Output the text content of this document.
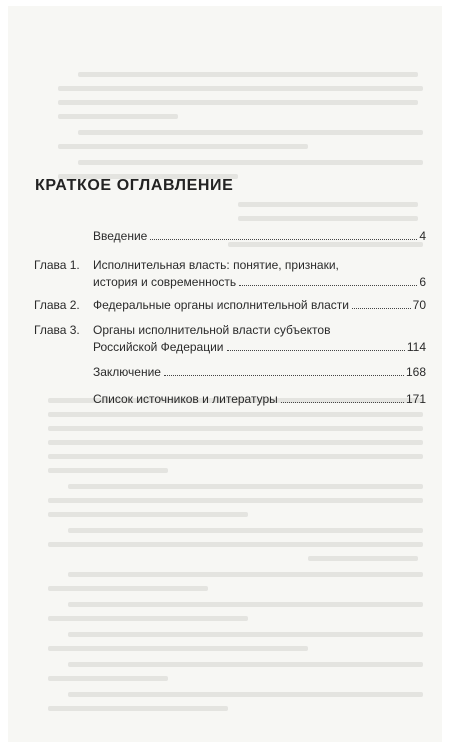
КРАТКОЕ ОГЛАВЛЕНИЕ
Введение	4
Глава 1.	Исполнительная власть: понятие, признаки,
история и современность	6
Глава 2.	Федеральные органы исполнительной власти	70
Глава 3.	Органы исполнительной власти субъектов
Российской Федерации	114
Заключение	168
Список источников и литературы	171
